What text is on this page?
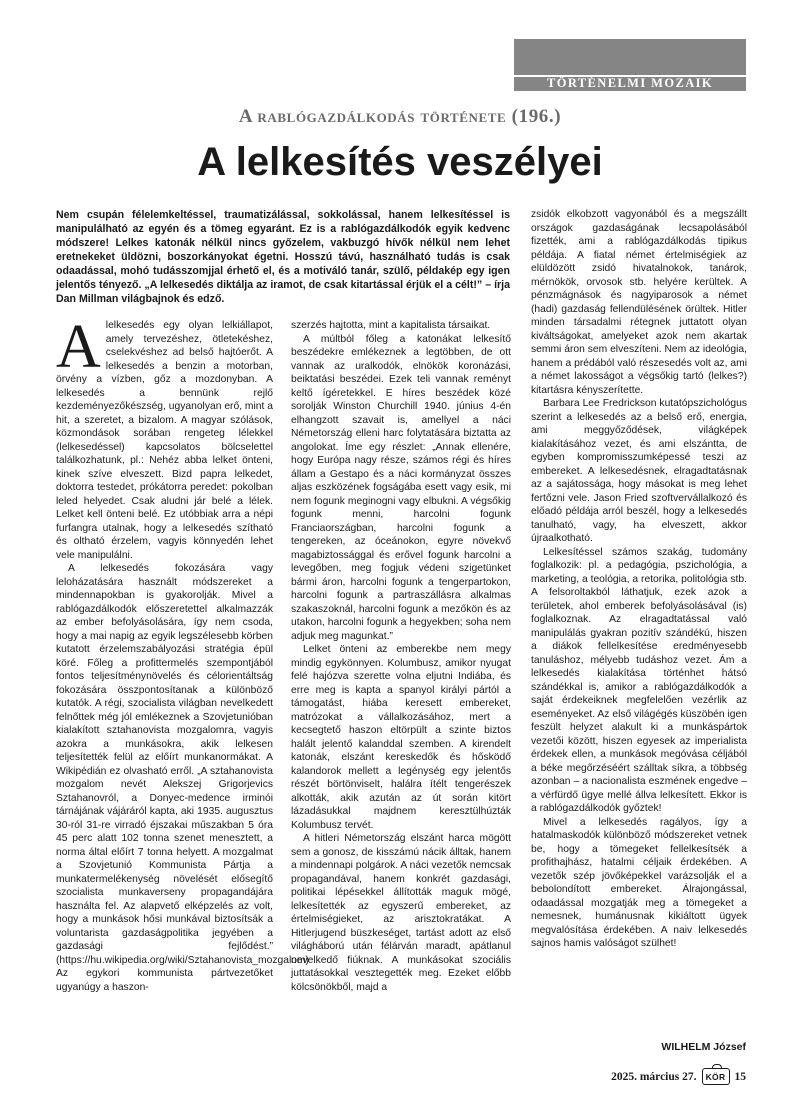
TÖRTÉNELMI MOZAIK
A rablógazdálkodás története (196.)
A lelkesítés veszélyei
Nem csupán félelemkeltéssel, traumatizálással, sokkolással, hanem lelkesítéssel is manipulálható az egyén és a tömeg egyaránt. Ez is a rablógazdálkodók egyik kedvenc módszere! Lelkes katonák nélkül nincs győzelem, vakbuzgó hívők nélkül nem lehet eretnekeket üldözni, boszorkányokat égetni. Hosszú távú, használható tudás is csak odaadással, mohó tudásszomjjal érhető el, és a motiváló tanár, szülő, példakép egy igen jelentős tényező. „A lelkesedés diktálja az iramot, de csak kitartással érjük el a célt!” – írja Dan Millman világbajnok és edző.

Alelkesedés egy olyan lelkiállapot, amely tervezéshez, ötletekéshez, cselekvéshez ad belső hajtóerőt. A lelkesedés a benzin a motorban, örvény a vízben, gőz a mozdonyban. A lelkesedés a bennünk rejlő kezdeményezőkészség, ugyanolyan erő, mint a hit, a szeretet, a bizalom. A magyar szólások, közmondások sorában rengeteg lélekkel (lelkesedéssel) kapcsolatos bölcselettel találkozhatunk, pl.: Nehéz abba lelket önteni, kinek szíve elveszett. Bizd papra lelkedet, doktorra testedet, prókátorra peredet: pokolban leled helyedet. Csak aludni jár belé a lélek. Lelket kell önteni belé. Ez utóbbiak arra a népi furfangra utalnak, hogy a lelkesedés szítható és oltható érzelem, vagyis könnyedén lehet vele manipulálni.

A lelkesedés fokozására vagy leloházatására használt módszereket a mindennapokban is gyakorolják. Mivel a rablógazdálkodók előszeretettel alkalmazzák az ember befolyásolására, így nem csoda, hogy a mai napig az egyik legszélesebb körben kutatott érzelemszabályozási stratégia épül köré. Főleg a profittermelés szempontjából fontos teljesítménynövelés és célorientáltság fokozására összpontosítanak a különböző kutatók. A régi, szocialista világban nevelkedett felnőttek még jól emlékeznek a Szovjetunióban kialakított sztahanovista mozgalomra, vagyis azokra a munkásokra, akik lelkesen teljesítették felül az előírt munkanormákat. A Wikipédián ez olvasható erről. „A sztahanovista mozgalom nevét Alekszej Grigorjevics Sztahanovról, a Donyec-medence irminói tárnájának vájáráról kapta, aki 1935. augusztus 30-ról 31-re virradó éjszakai műszakban 5 óra 45 perc alatt 102 tonna szenet menesztett, a norma által előírt 7 tonna helyett. A mozgalmat a Szovjetunió Kommunista Pártja a munkatermelékenység növelését elősegítő szocialista munkaverseny propagandájára használta fel. Az alapvető elképzelés az volt, hogy a munkások hősi munkával biztosítsák a voluntarista gazdaságpolitika jegyében a gazdasági fejlődést.” (https://hu.wikipedia.org/wiki/Sztahanovista_mozgalom) Az egykori kommunista pártvezetőket ugyanúgy a haszon-

szerzés hajtotta, mint a kapitalista társaikat.

A múltból főleg a katonákat lelkesítő beszédekre emlékeznek a legtöbben, de ott vannak az uralkodók, elnökök koronázási, beiktatási beszédei. Ezek teli vannak reményt keltő ígéretekkel. E híres beszédek közé sorolják Winston Churchill 1940. június 4-én elhangzott szavait is, amellyel a náci Németország elleni harc folytatására biztatta az angolokat. Íme egy részlet: „Annak ellenére, hogy Európa nagy része, számos régi és híres állam a Gestapo és a náci kormányzat összes aljas eszközének fogságába esett vagy esik, mi nem fogunk meginogni vagy elbukni. A végsőkig fogunk menni, harcolni fogunk Franciaországban, harcolni fogunk a tengereken, az óceánokon, egyre növekvő magabiztossággal és erővel fogunk harcolni a levegőben, meg fogjuk védeni szigetünket bármi áron, harcolni fogunk a tengerpartokon, harcolni fogunk a partraszállásra alkalmas szakaszoknál, harcolni fogunk a mezőkön és az utakon, harcolni fogunk a hegyekben; soha nem adjuk meg magunkat.”

Lelket önteni az emberekbe nem megy mindig egykönnyen. Kolumbusz, amikor nyugat felé hajózva szerette volna eljutni Indiába, és erre meg is kapta a spanyol királyi pártól a támogatást, hiába keresett embereket, matrózokat a vállalkozásához, mert a kecsegtető haszon eltörpült a szinte biztos halált jelentő kalanddal szemben. A kirendelt katonák, elszánt kereskedők és hősködő kalandorok mellett a legénység egy jelentős részét börtönviselt, halálra ítélt tengerészek alkották, akik azután az út során kitört lázadásukkal majdnem keresztülhúzták Kolumbusz tervét.

A hitleri Németország elszánt harca mögött sem a gonosz, de kisszámú nácik álltak, hanem a mindennapi polgárok. A náci vezetők nemcsak propagandával, hanem konkrét gazdasági, politikai lépésekkel állították maguk mögé, lelkesítették az egyszerű embereket, az értelmiségieket, az arisztokratákat. A Hitlerjugend büszkeséget, tartást adott az első világháború után félárván maradt, apátlanul nevelkedő fiúknak. A munkásokat szociális juttatásokkal vesztegették meg. Ezeket előbb kölcsönökből, majd a

zsidók elkobzott vagyonából és a megszállt országok gazdaságának lecsapolásából fizették, ami a rablógazdálkodás tipikus példája. A fiatal német értelmiségiek az elüldözött zsidó hivatalnokok, tanárok, mérnökök, orvosok stb. helyére kerültek. A pénzmágnások és nagyiparosok a német (hadi) gazdaság fellendülésének örültek. Hitler minden társadalmi rétegnek juttatott olyan kiváltságokat, amelyeket azok nem akartak semmi áron sem elveszíteni. Nem az ideológia, hanem a prédából való részesedés volt az, ami a német lakosságot a végsőkig tartó (lelkes?) kitartásra kényszerítette.

Barbara Lee Fredrickson kutatópszichológus szerint a lelkesedés az a belső erő, energia, ami meggyőződések, világképek kialakításához vezet, és ami elszántta, de egyben kompromisszumképessé teszi az embereket. A lelkesedésnek, elragadtatásnak az a sajátossága, hogy másokat is meg lehet fertőzni vele. Jason Fried szoftvervállalkozó és előadó példája arról beszél, hogy a lelkesedés tanulható, vagy, ha elveszett, akkor újraalkotható.

Lelkesítéssel számos szakág, tudomány foglalkozik: pl. a pedagógia, pszichológia, a marketing, a teológia, a retorika, politológia stb. A felsoroltakból láthatjuk, ezek azok a területek, ahol emberek befolyásolásával (is) foglalkoznak. Az elragadtatással való manipulálás gyakran pozitív szándékú, hiszen a diákok fellelkesítése eredményesebb tanuláshoz, mélyebb tudáshoz vezet. Ám a lelkesedés kialakítása történhet hátsó szándékkal is, amikor a rablógazdálkodók a saját érdekeiknek megfelelően vezérlik az eseményeket. Az első világégés küszöbén igen feszült helyzet alakult ki a munkáspártok vezetői között, hiszen egyesek az imperialista érdekek ellen, a munkások megóvása céljából a béke megőrzéséért szálltak síkra, a többség azonban – a nacionalista eszmének engedve – a vérfürdő ügye mellé állva lelkesített. Ekkor is a rablógazdálkodók győztek!

Mivel a lelkesedés ragályos, így a hatalmaskodók különböző módszereket vetnek be, hogy a tömegeket fellelkesítsék a profithajhász, hatalmi céljaik érdekében. A vezetők szép jövőképekkel varázsolják el a bebolondított embereket. Álrajongással, odaadással mozgatják meg a tömegeket a nemesnek, humánusnak kikiáltott ügyek megvalósítása érdekében. A naiv lelkesedés sajnos hamis valóságot szülhet!

WILHELM József
2025. március 27.	KÖR 15
